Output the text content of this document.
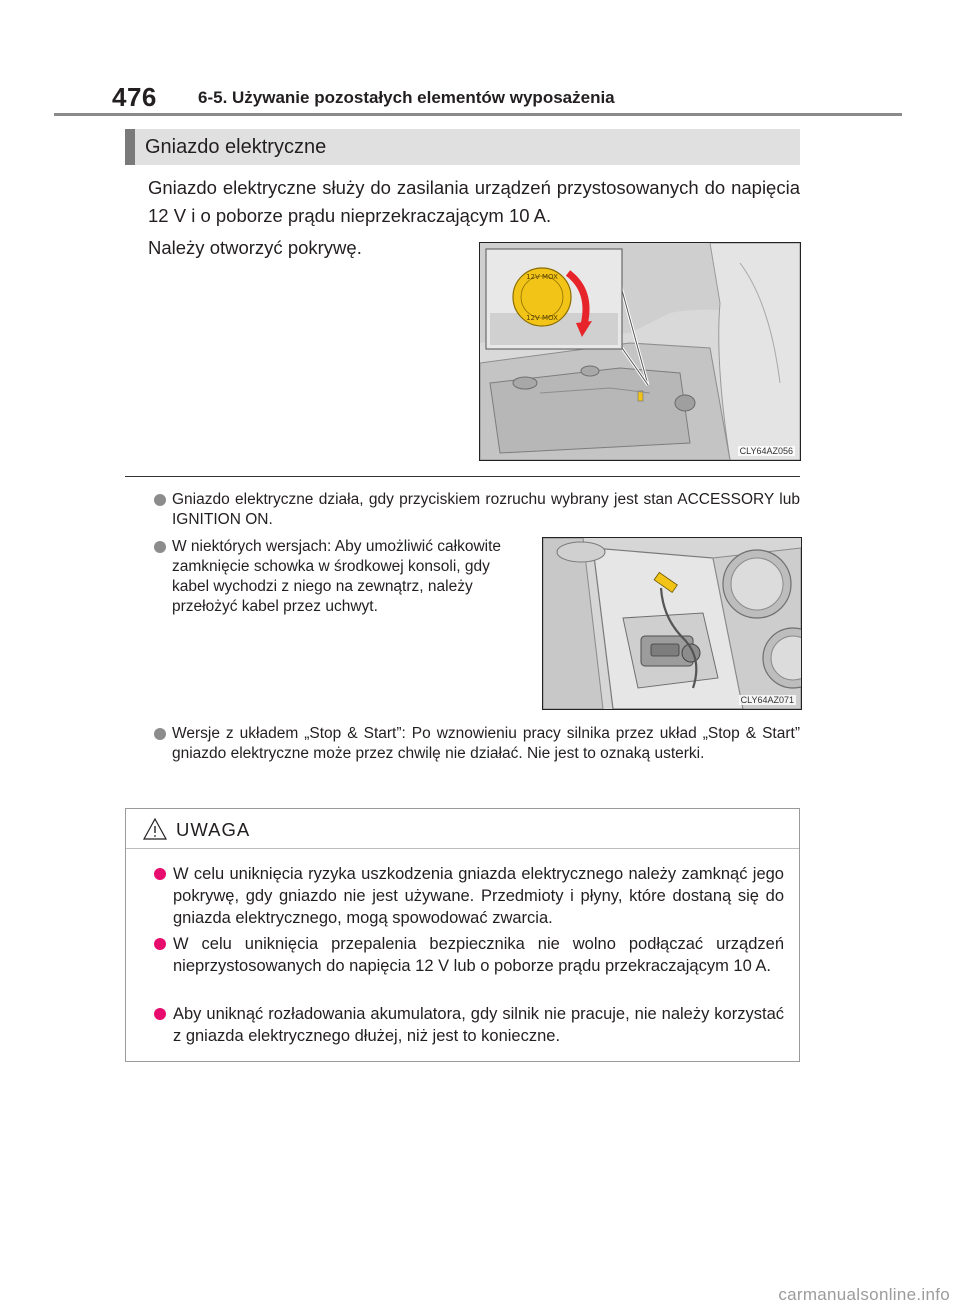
476 6-5. Używanie pozostałych elementów wyposażenia
Gniazdo elektryczne
Gniazdo elektryczne służy do zasilania urządzeń przystosowanych do napięcia 12 V i o poborze prądu nieprzekraczającym 10 A.
Należy otworzyć pokrywę.
12V MOX
12V MOX
CLY64AZ056
Gniazdo elektryczne działa, gdy przyciskiem rozruchu wybrany jest stan ACCESSORY lub IGNITION ON.
W niektórych wersjach: Aby umożliwić całkowite zamknięcie schowka w środkowej konsoli, gdy kabel wychodzi z niego na zewnątrz, należy przełożyć kabel przez uchwyt.
CLY64AZ071
Wersje z układem „Stop & Start”: Po wznowieniu pracy silnika przez układ „Stop & Start” gniazdo elektryczne może przez chwilę nie działać. Nie jest to oznaką usterki.
UWAGA
W celu uniknięcia ryzyka uszkodzenia gniazda elektrycznego należy zamknąć jego pokrywę, gdy gniazdo nie jest używane. Przedmioty i płyny, które dostaną się do gniazda elektrycznego, mogą spowodować zwarcia.
W celu uniknięcia przepalenia bezpiecznika nie wolno podłączać urządzeń nieprzystosowanych do napięcia 12 V lub o poborze prądu przekraczającym 10 A.
Aby uniknąć rozładowania akumulatora, gdy silnik nie pracuje, nie należy korzystać z gniazda elektrycznego dłużej, niż jest to konieczne.
carmanualsonline.info
